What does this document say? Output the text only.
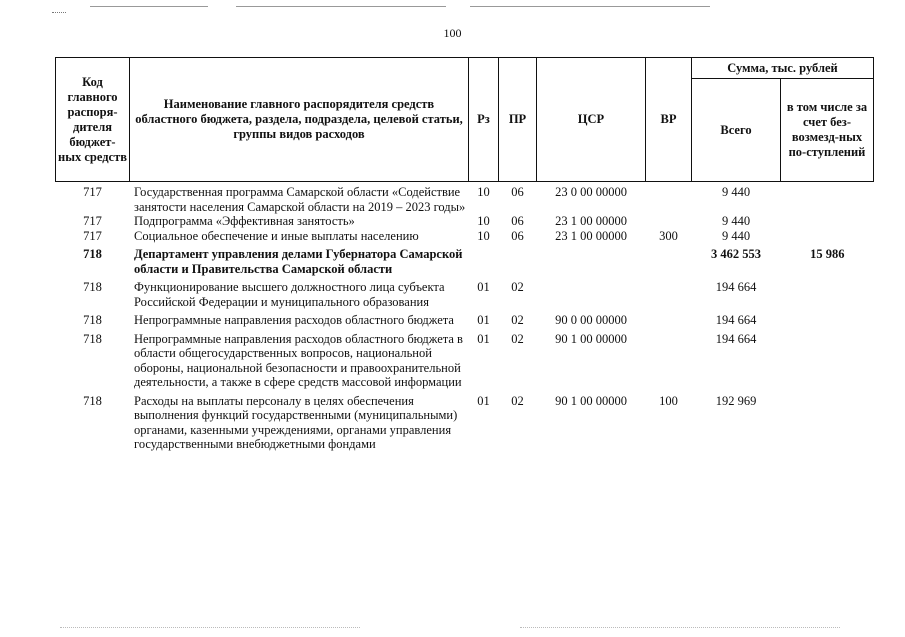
100
Код главного распоря-дителя бюджет-ных средств	Наименование главного распорядителя средств областного бюджета, раздела, подраздела, целевой статьи, группы видов расходов	Рз	ПР	ЦСР	ВР	Сумма, тыс. рублей	
						Всего	в том числе за счет без-возмезд-ных по-ступлений
717	Государственная программа Самарской области «Содействие занятости населения Самарской области на 2019 – 2023 годы»	10	06	23 0 00 00000		9 440	
717	Подпрограмма «Эффективная занятость»	10	06	23 1 00 00000		9 440	
717	Социальное обеспечение и иные выплаты населению	10	06	23 1 00 00000	300	9 440	
718	Департамент управления делами Губернатора Самарской области и Правительства Самарской области					3 462 553	15 986
718	Функционирование высшего должностного лица субъекта Российской Федерации и муниципального образования	01	02			194 664	
718	Непрограммные направления расходов областного бюджета	01	02	90 0 00 00000		194 664	
718	Непрограммные направления расходов областного бюджета в области общегосударственных вопросов, национальной обороны, национальной безопасности и правоохранительной деятельности, а также в сфере средств массовой информации	01	02	90 1 00 00000		194 664	
718	Расходы на выплаты персоналу в целях обеспечения выполнения функций государственными (муниципальными) органами, казенными учреждениями, органами управления государственными внебюджетными фондами	01	02	90 1 00 00000	100	192 969	
